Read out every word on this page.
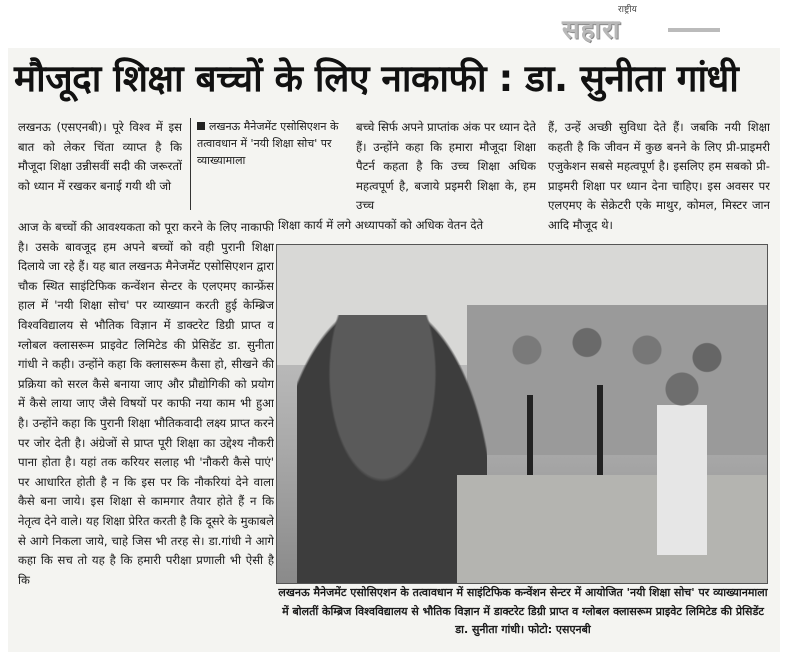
राष्ट्रीय
सहारा
मौजूदा शिक्षा बच्चों के लिए नाकाफी : डा. सुनीता गांधी
लखनऊ (एसएनबी)। पूरे विश्व में इस बात को लेकर चिंता व्याप्त है कि मौजूदा शिक्षा उन्नीसवीं सदी की जरूरतों को ध्यान में रखकर बनाई गयी थी जो
लखनऊ मैनेजमेंट एसोसिएशन के तत्वावधान में 'नयी शिक्षा सोच' पर व्याख्यामाला
बच्चे सिर्फ अपने प्राप्तांक अंक पर ध्यान देते हैं। उन्होंने कहा कि हमारा मौजूदा शिक्षा पैटर्न कहता है कि उच्च शिक्षा अधिक महत्वपूर्ण है, बजाये प्रइमरी शिक्षा के, हम उच्च
शिक्षा कार्य में लगे अध्यापकों को अधिक वेतन देते
हैं, उन्हें अच्छी सुविधा देते हैं। जबकि नयी शिक्षा कहती है कि जीवन में कुछ बनने के लिए प्री-प्राइमरी एजुकेशन सबसे महत्वपूर्ण है। इसलिए हम सबको प्री-प्राइमरी शिक्षा पर ध्यान देना चाहिए। इस अवसर पर एलएमए के सेक्रेटरी एके माथुर, कोमल, मिस्टर जान आदि मौजूद थे।
आज के बच्चों की आवश्यकता को पूरा करने के लिए नाकाफी है। उसके बावजूद हम अपने बच्चों को वही पुरानी शिक्षा दिलाये जा रहे हैं। यह बात लखनऊ मैनेजमेंट एसोसिएशन द्वारा चौक स्थित साइंटिफिक कन्वेंशन सेन्टर के एलएमए कान्फ्रेंस हाल में 'नयी शिक्षा सोच' पर व्याख्यान करती हुई केम्ब्रिज विश्वविद्यालय से भौतिक विज्ञान में डाक्टरेट डिग्री प्राप्त व ग्लोबल क्लासरूम प्राइवेट लिमिटेड की प्रेसिडेंट डा. सुनीता गांधी ने कही। उन्होंने कहा कि क्लासरूम कैसा हो, सीखने की प्रक्रिया को सरल कैसे बनाया जाए और प्रौद्योगिकी को प्रयोग में कैसे लाया जाए जैसे विषयों पर काफी नया काम भी हुआ है। उन्होंने कहा कि पुरानी शिक्षा भौतिकवादी लक्ष्य प्राप्त करने पर जोर देती है। अंग्रेजों से प्राप्त पूरी शिक्षा का उद्देश्य नौकरी पाना होता है। यहां तक करियर सलाह भी 'नौकरी कैसे पाएं' पर आधारित होती है न कि इस पर कि नौकरियां देने वाला कैसे बना जाये। इस शिक्षा से कामगार तैयार होते हैं न कि नेतृत्व देने वाले। यह शिक्षा प्रेरित करती है कि दूसरे के मुकाबले से आगे निकला जाये, चाहे जिस भी तरह से। डा.गांधी ने आगे कहा कि सच तो यह है कि हमारी परीक्षा प्रणाली भी ऐसी है कि
लखनऊ मैनेजमेंट एसोसिएशन के तत्वावधान में साइंटिफिक कन्वेंशन सेन्टर में आयोजित 'नयी शिक्षा सोच' पर व्याख्यानमाला में बोलतीं केम्ब्रिज विश्वविद्यालय से भौतिक विज्ञान में डाक्टरेट डिग्री प्राप्त व ग्लोबल क्लासरूम प्राइवेट लिमिटेड की प्रेसिडेंट डा. सुनीता गांधी। फोटो: एसएनबी
